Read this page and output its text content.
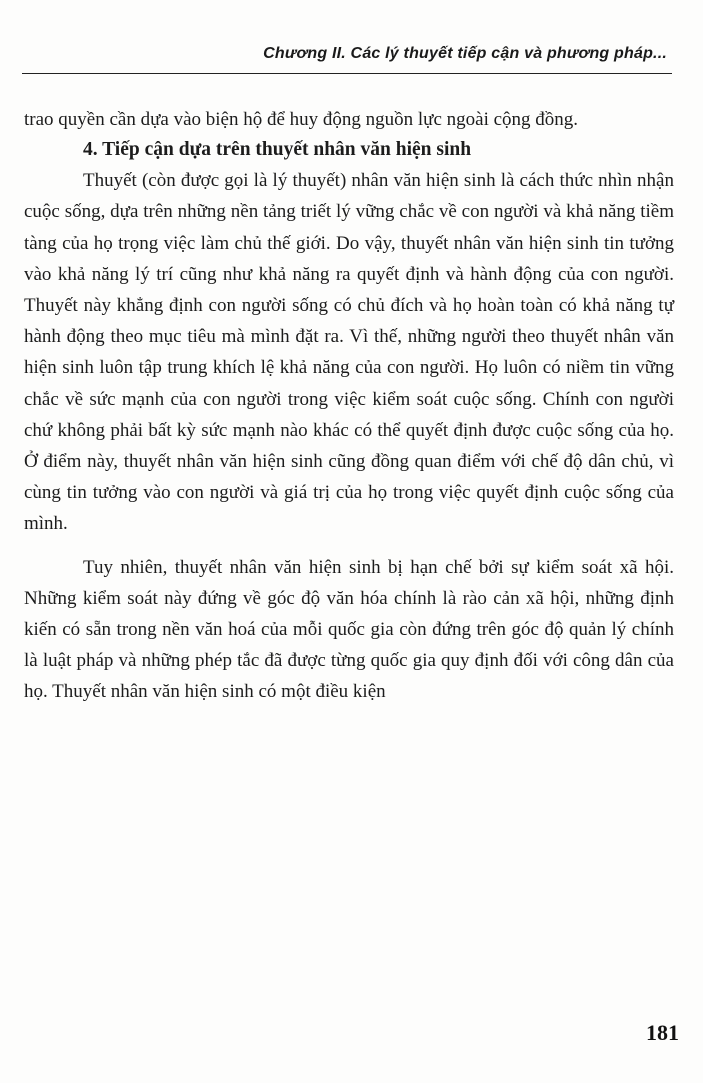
Chương II. Các lý thuyết tiếp cận và phương pháp...

trao quyền cần dựa vào biện hộ để huy động nguồn lực ngoài cộng đồng.

4. Tiếp cận dựa trên thuyết nhân văn hiện sinh

Thuyết (còn được gọi là lý thuyết) nhân văn hiện sinh là cách thức nhìn nhận cuộc sống, dựa trên những nền tảng triết lý vững chắc về con người và khả năng tiềm tàng của họ trọng việc làm chủ thế giới. Do vậy, thuyết nhân văn hiện sinh tin tưởng vào khả năng lý trí cũng như khả năng ra quyết định và hành động của con người. Thuyết này khẳng định con người sống có chủ đích và họ hoàn toàn có khả năng tự hành động theo mục tiêu mà mình đặt ra. Vì thế, những người theo thuyết nhân văn hiện sinh luôn tập trung khích lệ khả năng của con người. Họ luôn có niềm tin vững chắc về sức mạnh của con người trong việc kiểm soát cuộc sống. Chính con người chứ không phải bất kỳ sức mạnh nào khác có thể quyết định được cuộc sống của họ. Ở điểm này, thuyết nhân văn hiện sinh cũng đồng quan điểm với chế độ dân chủ, vì cùng tin tưởng vào con người và giá trị của họ trong việc quyết định cuộc sống của mình.

Tuy nhiên, thuyết nhân văn hiện sinh bị hạn chế bởi sự kiểm soát xã hội. Những kiểm soát này đứng về góc độ văn hóa chính là rào cản xã hội, những định kiến có sẵn trong nền văn hoá của mỗi quốc gia còn đứng trên góc độ quản lý chính là luật pháp và những phép tắc đã được từng quốc gia quy định đối với công dân của họ. Thuyết nhân văn hiện sinh có một điều kiện

181
